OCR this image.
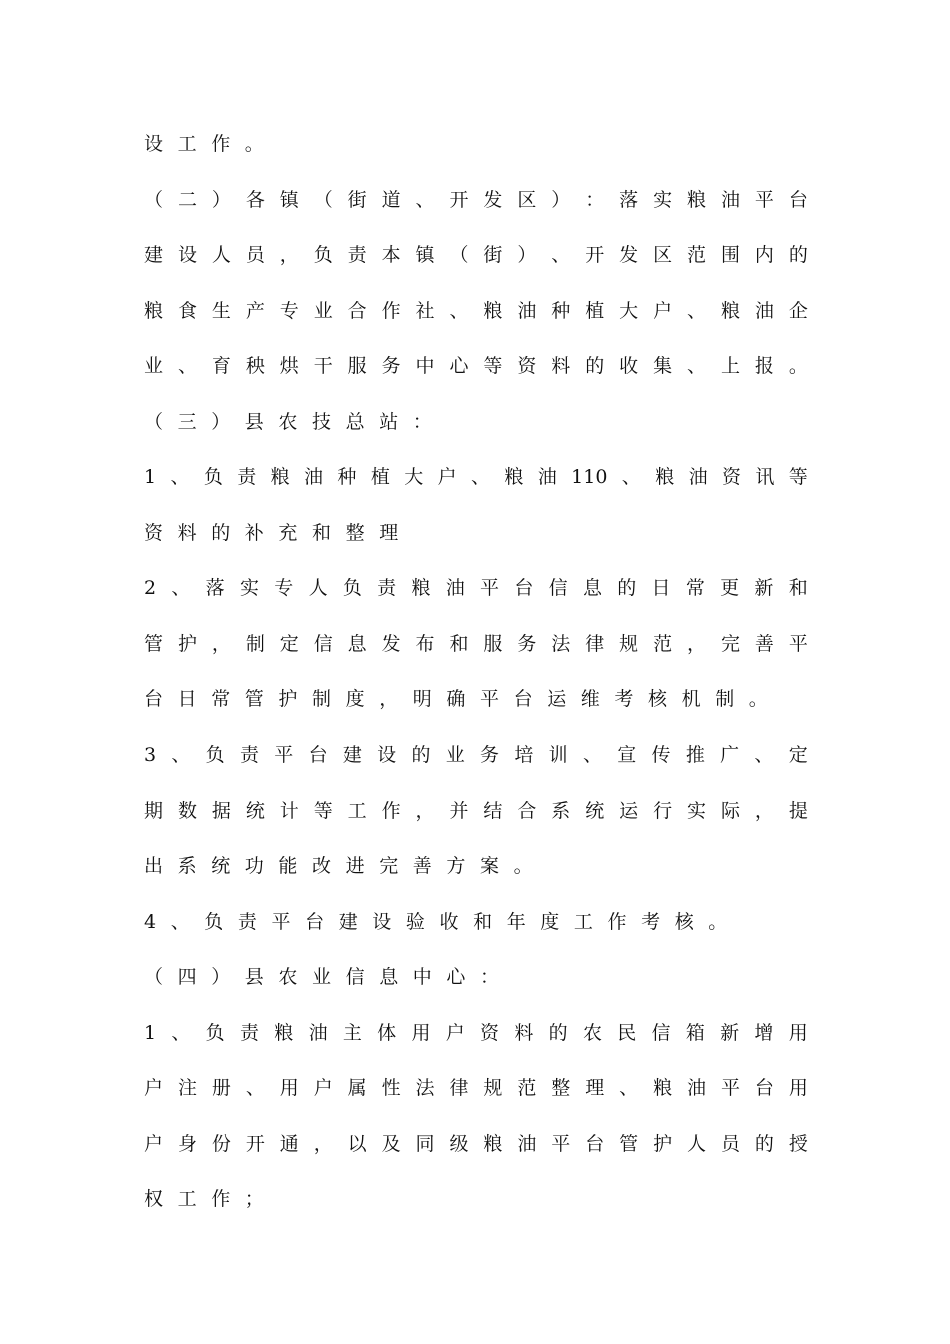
设工作。
（ 二 ） 各 镇 （ 街 道 、 开 发 区 ） ： 落 实 粮 油 平 台
建 设 人 员 ， 负 责 本 镇 （ 街 ） 、 开 发 区 范 围 内 的
粮 食 生 产 专 业 合 作 社 、 粮 油 种 植 大 户 、 粮 油 企
业 、 育 秧 烘 干 服 务 中 心 等 资 料 的 收 集 、 上 报 。
（三）县农技总站：
1 、 负 责 粮 油 种 植 大 户 、 粮 油 110 、 粮 油 资 讯 等
资料的补充和整理
2 、 落 实 专 人 负 责 粮 油 平 台 信 息 的 日 常 更 新 和
管 护 ， 制 定 信 息 发 布 和 服 务 法 律 规 范 ， 完 善 平
台日常管护制度，明确平台运维考核机制。
3 、 负 责 平 台 建 设 的 业 务 培 训 、 宣 传 推 广 、 定
期 数 据 统 计 等 工 作 ， 并 结 合 系 统 运 行 实 际 ， 提
出系统功能改进完善方案。
4、负责平台建设验收和年度工作考核。
（四）县农业信息中心：
1 、 负 责 粮 油 主 体 用 户 资 料 的 农 民 信 箱 新 增 用
户 注 册 、 用 户 属 性 法 律 规 范 整 理 、 粮 油 平 台 用
户 身 份 开 通 ， 以 及 同 级 粮 油 平 台 管 护 人 员 的 授
权工作；
